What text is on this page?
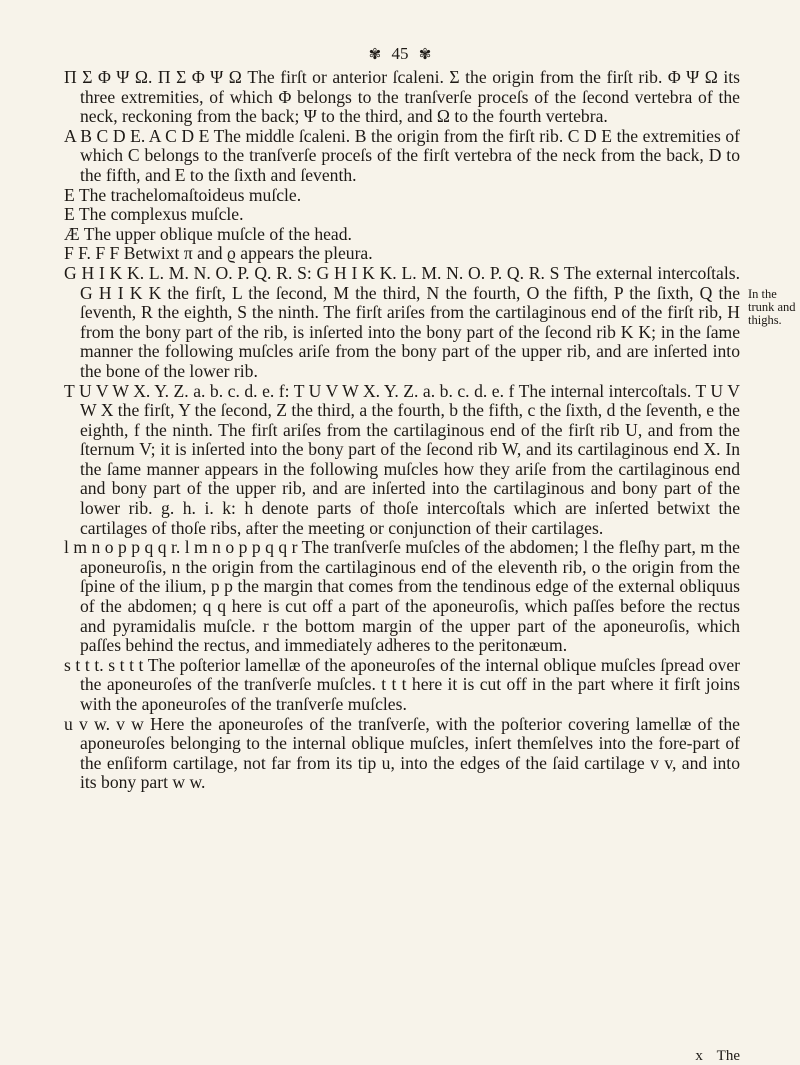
✾ 45 ✾

Π Σ Φ Ψ Ω. Π Σ Φ Ψ Ω The firſt or anterior ſcaleni. Σ the origin from the firſt rib. Φ Ψ Ω its three extremities, of which Φ belongs to the tranſverſe proceſs of the ſecond vertebra of the neck, reckoning from the back; Ψ to the third, and Ω to the fourth vertebra.

A B C D E. A C D E The middle ſcaleni. B the origin from the firſt rib. C D E the extremities of which C belongs to the tranſverſe proceſs of the firſt vertebra of the neck from the back, D to the fifth, and E to the ſixth and ſeventh.

E The trachelomaſtoideus muſcle.

E The complexus muſcle.

Æ The upper oblique muſcle of the head.

F F. F F Betwixt π and ϱ appears the pleura.

G H I K K. L. M. N. O. P. Q. R. S: G H I K K. L. M. N. O. P. Q. R. S The external intercoſtals. G H I K K the firſt, L the ſecond, M the third, N the fourth, O the fifth, P the ſixth, Q the ſeventh, R the eighth, S the ninth. The firſt ariſes from the cartilaginous end of the firſt rib, H from the bony part of the rib, is inſerted into the bony part of the ſecond rib K K; in the ſame manner the following muſcles ariſe from the bony part of the upper rib, and are inſerted into the bone of the lower rib.

T U V W X. Y. Z. a. b. c. d. e. f: T U V W X. Y. Z. a. b. c. d. e. f The internal intercoſtals. T U V W X the firſt, Y the ſecond, Z the third, a the fourth, b the fifth, c the ſixth, d the ſeventh, e the eighth, f the ninth. The firſt ariſes from the cartilaginous end of the firſt rib U, and from the ſternum V; it is inſerted into the bony part of the ſecond rib W, and its cartilaginous end X. In the ſame manner appears in the following muſcles how they ariſe from the cartilaginous end and bony part of the upper rib, and are inſerted into the cartilaginous and bony part of the lower rib. g. h. i. k: h denote parts of thoſe intercoſtals which are inſerted betwixt the cartilages of thoſe ribs, after the meeting or conjunction of their cartilages.

l m n o p p q q r. l m n o p p q q r The tranſverſe muſcles of the abdomen; l the fleſhy part, m the aponeuroſis, n the origin from the cartilaginous end of the eleventh rib, o the origin from the ſpine of the ilium, p p the margin that comes from the tendinous edge of the external obliquus of the abdomen; q q here is cut off a part of the aponeuroſis, which paſſes before the rectus and pyramidalis muſcle. r the bottom margin of the upper part of the aponeuroſis, which paſſes behind the rectus, and immediately adheres to the peritonæum.

s t t t. s t t t The poſterior lamellæ of the aponeuroſes of the internal oblique muſcles ſpread over the aponeuroſes of the tranſverſe muſcles. t t t here it is cut off in the part where it firſt joins with the aponeuroſes of the tranſverſe muſcles.

u v w. v w Here the aponeuroſes of the tranſverſe, with the poſterior covering lamellæ of the aponeuroſes belonging to the internal oblique muſcles, inſert themſelves into the fore-part of the enſiform cartilage, not far from its tip u, into the edges of the ſaid cartilage v v, and into its bony part w w.

In the trunk and thighs.
x The
